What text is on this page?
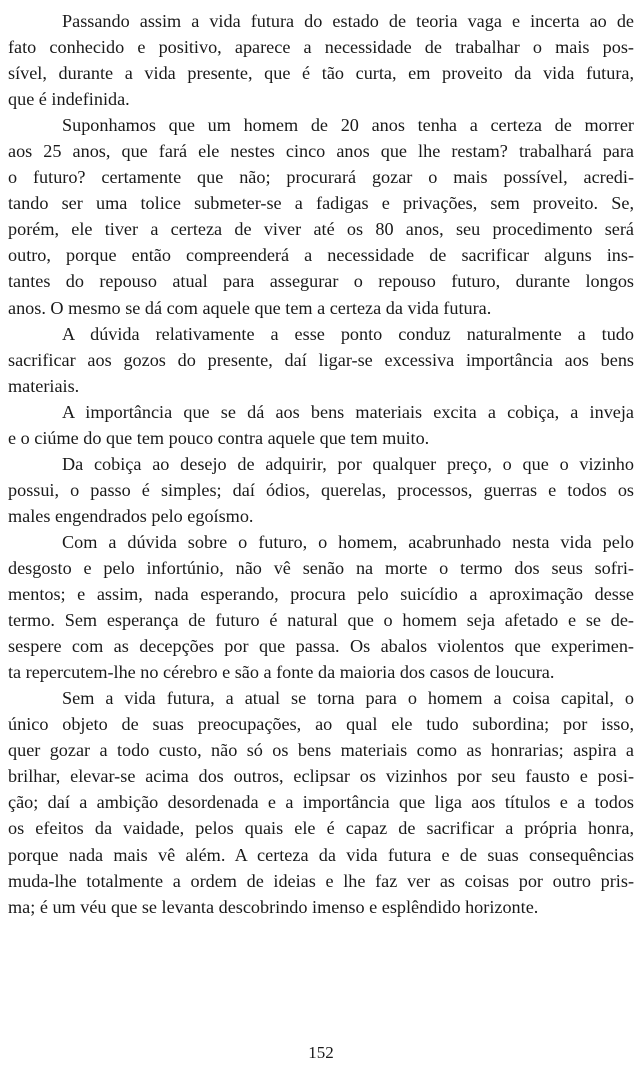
Passando assim a vida futura do estado de teoria vaga e incerta ao de
fato conhecido e positivo, aparece a necessidade de trabalhar o mais pos-
sível, durante a vida presente, que é tão curta, em proveito da vida futura,
que é indefinida.
Suponhamos que um homem de 20 anos tenha a certeza de morrer
aos 25 anos, que fará ele nestes cinco anos que lhe restam? trabalhará para
o futuro? certamente que não; procurará gozar o mais possível, acredi-
tando ser uma tolice submeter-se a fadigas e privações, sem proveito. Se,
porém, ele tiver a certeza de viver até os 80 anos, seu procedimento será
outro, porque então compreenderá a necessidade de sacrificar alguns ins-
tantes do repouso atual para assegurar o repouso futuro, durante longos
anos. O mesmo se dá com aquele que tem a certeza da vida futura.
A dúvida relativamente a esse ponto conduz naturalmente a tudo
sacrificar aos gozos do presente, daí ligar-se excessiva importância aos bens
materiais.
A importância que se dá aos bens materiais excita a cobiça, a inveja
e o ciúme do que tem pouco contra aquele que tem muito.
Da cobiça ao desejo de adquirir, por qualquer preço, o que o vizinho
possui, o passo é simples; daí ódios, querelas, processos, guerras e todos os
males engendrados pelo egoísmo.
Com a dúvida sobre o futuro, o homem, acabrunhado nesta vida pelo
desgosto e pelo infortúnio, não vê senão na morte o termo dos seus sofri-
mentos; e assim, nada esperando, procura pelo suicídio a aproximação desse
termo. Sem esperança de futuro é natural que o homem seja afetado e se de-
sespere com as decepções por que passa. Os abalos violentos que experimen-
ta repercutem-lhe no cérebro e são a fonte da maioria dos casos de loucura.
Sem a vida futura, a atual se torna para o homem a coisa capital, o
único objeto de suas preocupações, ao qual ele tudo subordina; por isso,
quer gozar a todo custo, não só os bens materiais como as honrarias; aspira a
brilhar, elevar-se acima dos outros, eclipsar os vizinhos por seu fausto e posi-
ção; daí a ambição desordenada e a importância que liga aos títulos e a todos
os efeitos da vaidade, pelos quais ele é capaz de sacrificar a própria honra,
porque nada mais vê além. A certeza da vida futura e de suas consequências
muda-lhe totalmente a ordem de ideias e lhe faz ver as coisas por outro pris-
ma; é um véu que se levanta descobrindo imenso e esplêndido horizonte.
152
